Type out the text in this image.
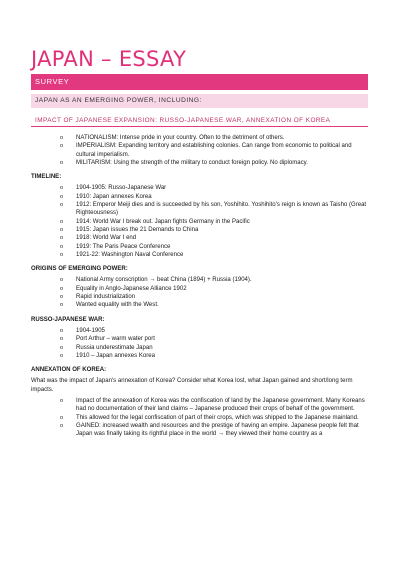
JAPAN – ESSAY
SURVEY
JAPAN AS AN EMERGING POWER, INCLUDING:
IMPACT OF JAPANESE EXPANSION: RUSSO-JAPANESE WAR, ANNEXATION OF KOREA
o NATIONALISM: Intense pride in your country. Often to the detriment of others.
o IMPERIALISM: Expanding territory and establishing colonies. Can range from economic to political and cultural imperialism.
o MILITARISM: Using the strength of the military to conduct foreign policy. No diplomacy.
TIMELINE:
o 1904-1905: Russo-Japanese War
o 1910: Japan annexes Korea
o 1912: Emperor Meiji dies and is succeeded by his son, Yoshihito. Yoshihito's reign is known as Taisho (Great Righteousness)
o 1914: World War I break out. Japan fights Germany in the Pacific
o 1915: Japan issues the 21 Demands to China
o 1918: World War I end
o 1919: The Paris Peace Conference
o 1921-22: Washington Naval Conference
ORIGINS OF EMERGING POWER:
o National Army conscription → beat China (1894) + Russia (1904).
o Equality in Anglo-Japanese Alliance 1902
o Rapid industrialization
o Wanted equality with the West.
RUSSO-JAPANESE WAR:
o 1904-1905
o Port Arthur – warm water port
o Russia underestimate Japan
o 1910 – Japan annexes Korea
ANNEXATION OF KOREA:
What was the impact of Japan's annexation of Korea? Consider what Korea lost, what Japan gained and short/long term impacts.
o Impact of the annexation of Korea was the confiscation of land by the Japanese government. Many Koreans had no documentation of their land claims – Japanese produced their crops of behalf of the government.
o This allowed for the legal confiscation of part of their crops, which was shipped to the Japanese mainland.
o GAINED: increased wealth and resources and the prestige of having an empire. Japanese people felt that Japan was finally taking its rightful place in the world → they viewed their home country as a
